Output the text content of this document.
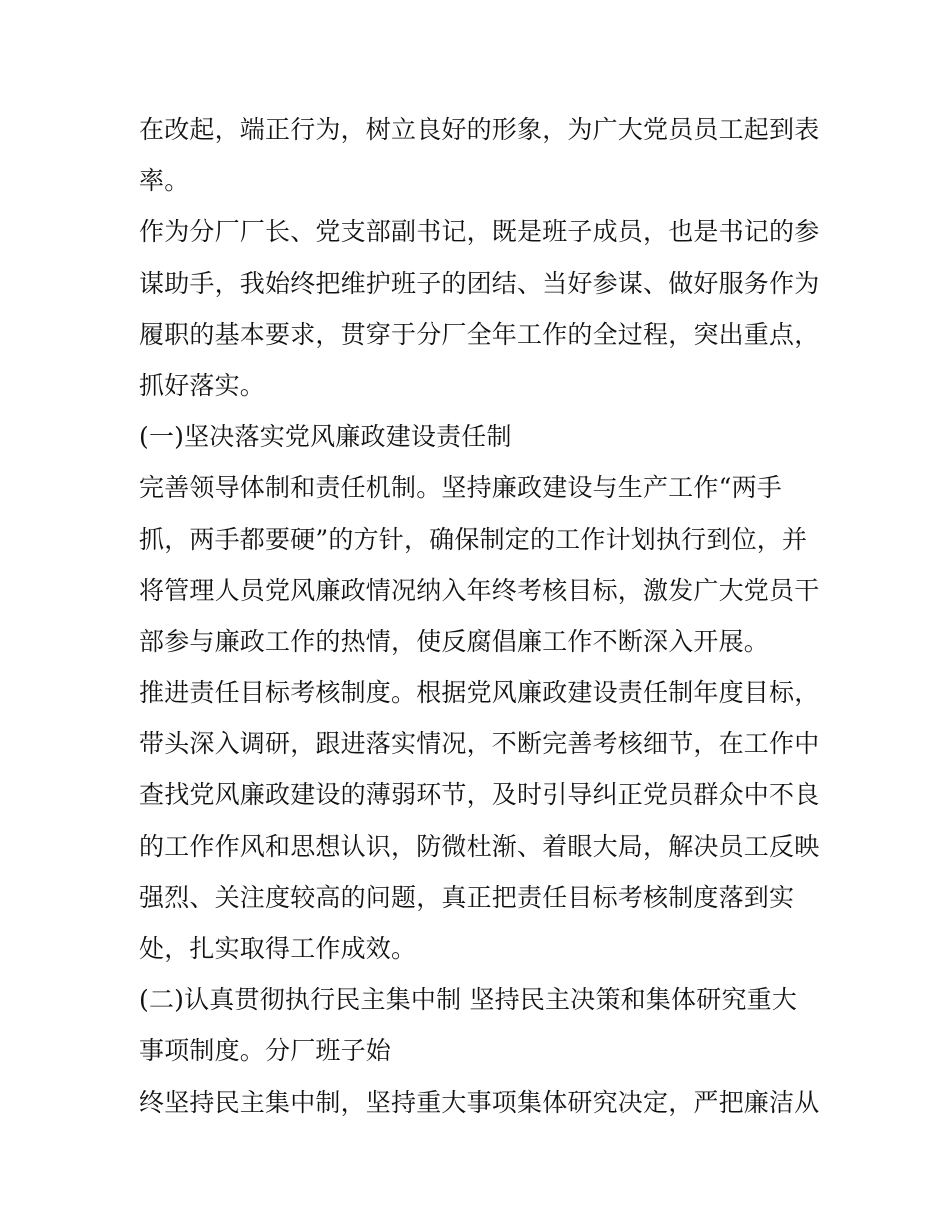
在改起，端正行为，树立良好的形象，为广大党员员工起到表
率。
作为分厂厂长、党支部副书记，既是班子成员，也是书记的参
谋助手，我始终把维护班子的团结、当好参谋、做好服务作为
履职的基本要求，贯穿于分厂全年工作的全过程，突出重点，
抓好落实。
(一)坚决落实党风廉政建设责任制
完善领导体制和责任机制。坚持廉政建设与生产工作“两手
抓，两手都要硬”的方针，确保制定的工作计划执行到位，并
将管理人员党风廉政情况纳入年终考核目标，激发广大党员干
部参与廉政工作的热情，使反腐倡廉工作不断深入开展。
推进责任目标考核制度。根据党风廉政建设责任制年度目标，
带头深入调研，跟进落实情况，不断完善考核细节，在工作中
查找党风廉政建设的薄弱环节，及时引导纠正党员群众中不良
的工作作风和思想认识，防微杜渐、着眼大局，解决员工反映
强烈、关注度较高的问题，真正把责任目标考核制度落到实
处，扎实取得工作成效。
(二)认真贯彻执行民主集中制 坚持民主决策和集体研究重大
事项制度。分厂班子始
终坚持民主集中制，坚持重大事项集体研究决定，严把廉洁从
